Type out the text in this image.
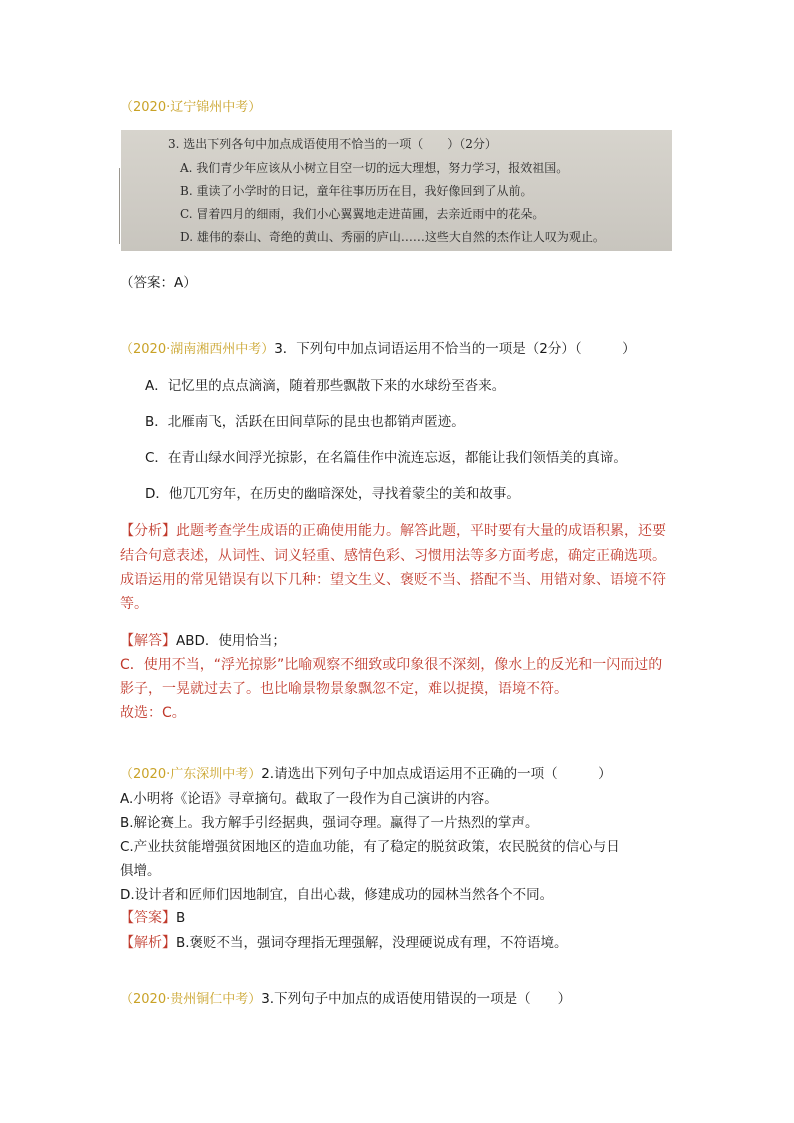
（2020·辽宁锦州中考）
3. 选出下列各句中加点成语使用不恰当的一项（　　）（2分）
A. 我们青少年应该从小树立目空一切的远大理想，努力学习，报效祖国。
B. 重读了小学时的日记，童年往事历历在目，我好像回到了从前。
C. 冒着四月的细雨，我们小心翼翼地走进苗圃，去亲近雨中的花朵。
D. 雄伟的泰山、奇绝的黄山、秀丽的庐山……这些大自然的杰作让人叹为观止。
（答案：A）
（2020·湖南湘西州中考）3．下列句中加点词语运用不恰当的一项是（2分）（　　　）
A．记忆里的点点滴滴，随着那些飘散下来的水球纷至沓来。
B．北雁南飞，活跃在田间草际的昆虫也都销声匿迹。
C．在青山绿水间浮光掠影，在名篇佳作中流连忘返，都能让我们领悟美的真谛。
D．他兀兀穷年，在历史的幽暗深处，寻找着蒙尘的美和故事。
【分析】此题考查学生成语的正确使用能力。解答此题，平时要有大量的成语积累，还要
结合句意表述，从词性、词义轻重、感情色彩、习惯用法等多方面考虑，确定正确选项。
成语运用的常见错误有以下几种：望文生义、褒贬不当、搭配不当、用错对象、语境不符
等。
【解答】ABD．使用恰当；
C．使用不当，“浮光掠影”比喻观察不细致或印象很不深刻，像水上的反光和一闪而过的
影子，一晃就过去了。也比喻景物景象飘忽不定，难以捉摸，语境不符。
故选：C。
（2020·广东深圳中考）2.请选出下列句子中加点成语运用不正确的一项（　　　）
A.小明将《论语》寻章摘句。截取了一段作为自己演讲的内容。
B.解论赛上。我方解手引经据典，强词夺理。赢得了一片热烈的掌声。
C.产业扶贫能增强贫困地区的造血功能，有了稳定的脱贫政策，农民脱贫的信心与日
俱增。
D.设计者和匠师们因地制宜，自出心裁，修建成功的园林当然各个不同。
【答案】B
【解析】B.褒贬不当，强词夺理指无理强解，没理硬说成有理，不符语境。
（2020·贵州铜仁中考）3.下列句子中加点的成语使用错误的一项是（　　）
